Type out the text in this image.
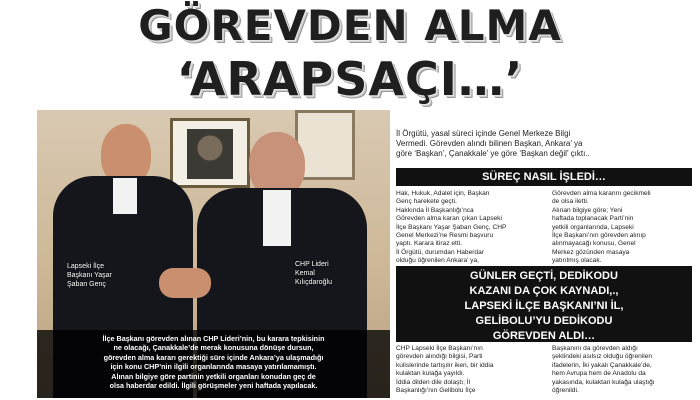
GÖREVDEN ALMA
‘ARAPSAÇI…’
Lapseki İlçe
Başkanı Yaşar
Şaban Genç
CHP Lideri
Kemal
Kılıçdaroğlu

İlçe Başkanı görevden alınan CHP Lideri’nin, bu karara tepkisinin
ne olacağı, Çanakkale’de merak konusuna dönüşe dursun,
görevden alma kararı gerektiği süre içinde Ankara’ya ulaşmadığı
için konu CHP’nin ilgili organlarında masaya yatırılamamıştı.
Alınan bilgiye göre partinin yetkili organları konudan geç de
olsa haberdar edildi. İlgili görüşmeler yeni haftada yapılacak.

İl Örgütü, yasal süreci içinde Genel Merkeze Bilgi
Vermedi. Görevden alındı bilinen Başkan, Ankara’ ya
göre ‘Başkan’, Çanakkale’ ye göre ‘Başkan değil’ çıktı..
SÜREÇ NASIL İŞLEDİ…
Hak, Hukuk, Adalet için, Başkan
Genç harekete geçti.
Hakkında İl Başkanlığı’nca
Görevden alma kararı çıkan Lapseki
İlçe Başkanı Yaşar Şaban Genç, CHP
Genel Merkezi’ne Resmi başvuru
yaptı. Karara itiraz etti.
İl Örgütü, durumdan Haberdar
olduğu öğrenilen Ankara’ ya,
Görevden alma kararını gecikmeli
de olsa iletti.
Alınan bilgiye göre; Yeni
haftada toplanacak Parti’nin
yetkili organlarında, Lapseki
İlçe Başkanı’nın görevden alınıp
alınmayacağı konusu, Genel
Merkez gözünden masaya
yatırılmış olacak.
GÜNLER GEÇTİ, DEDİKODU
KAZANI DA ÇOK KAYNADI,.,
LAPSEKİ İLÇE BAŞKANI’NI İL,
GELİBOLU’YU DEDİKODU
GÖREVDEN ALDI…
CHP Lapseki İlçe Başkanı’nın
görevden alındığı bilgisi, Parti
kulislerinde tartışılır iken, bir iddia
kulaktan kulağa yayıldı.
İddia dilden dile dolaştı; İl
Başkanlığı’nın Gelibolu İlçe
Başkanını da görevden aldığı
şeklindeki asılsız olduğu öğrenilen
ifadelerin, İki yakalı Çanakkale’de,
hem Avrupa hem de Anadolu da
yakasında, kulaktan kulağa ulaştığı
öğrenildi.
